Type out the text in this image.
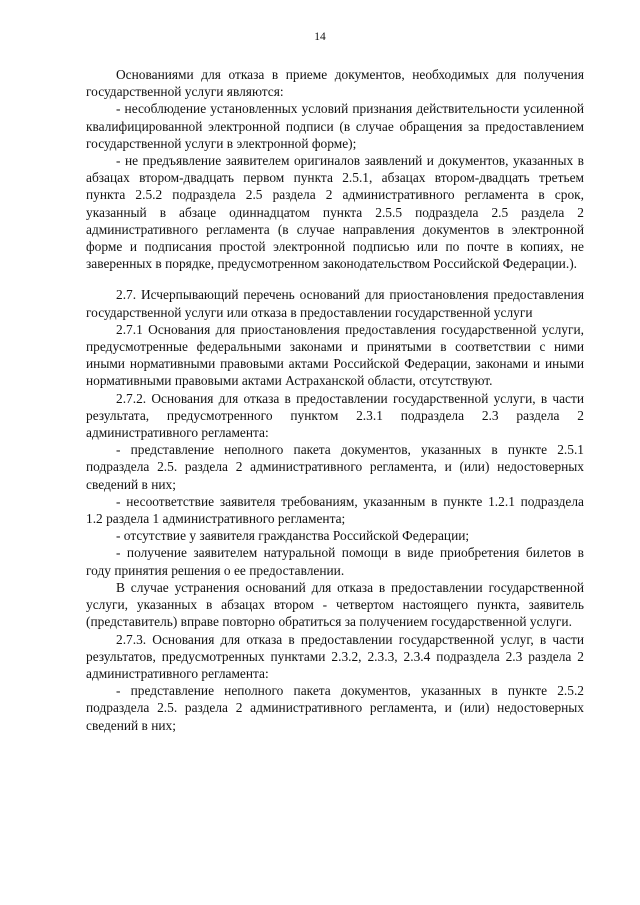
14

Основаниями для отказа в приеме документов, необходимых для получения государственной услуги являются:

- несоблюдение установленных условий признания действительности усиленной квалифицированной электронной подписи (в случае обращения за предоставлением государственной услуги в электронной форме);

- не предъявление заявителем оригиналов заявлений и документов, указанных в абзацах втором-двадцать первом пункта 2.5.1, абзацах втором-двадцать третьем пункта 2.5.2 подраздела 2.5 раздела 2 административного регламента в срок, указанный в абзаце одиннадцатом пункта 2.5.5 подраздела 2.5 раздела 2 административного регламента (в случае направления документов в электронной форме и подписания простой электронной подписью или по почте в копиях, не заверенных в порядке, предусмотренном законодательством Российской Федерации.).

2.7. Исчерпывающий перечень оснований для приостановления предоставления государственной услуги или отказа в предоставлении государственной услуги

2.7.1 Основания для приостановления предоставления государственной услуги, предусмотренные федеральными законами и принятыми в соответствии с ними иными нормативными правовыми актами Российской Федерации, законами и иными нормативными правовыми актами Астраханской области, отсутствуют.

2.7.2. Основания для отказа в предоставлении государственной услуги, в части результата, предусмотренного пунктом 2.3.1 подраздела 2.3 раздела 2 административного регламента:

- представление неполного пакета документов, указанных в пункте 2.5.1 подраздела 2.5. раздела 2 административного регламента, и (или) недостоверных сведений в них;

- несоответствие заявителя требованиям, указанным в пункте 1.2.1 подраздела 1.2 раздела 1 административного регламента;

- отсутствие у заявителя гражданства Российской Федерации;

- получение заявителем натуральной помощи в виде приобретения билетов в году принятия решения о ее предоставлении.

В случае устранения оснований для отказа в предоставлении государственной услуги, указанных в абзацах втором - четвертом настоящего пункта, заявитель (представитель) вправе повторно обратиться за получением государственной услуги.

2.7.3. Основания для отказа в предоставлении государственной услуг, в части результатов, предусмотренных пунктами 2.3.2, 2.3.3, 2.3.4 подраздела 2.3 раздела 2 административного регламента:

- представление неполного пакета документов, указанных в пункте 2.5.2 подраздела 2.5. раздела 2 административного регламента, и (или) недостоверных сведений в них;
